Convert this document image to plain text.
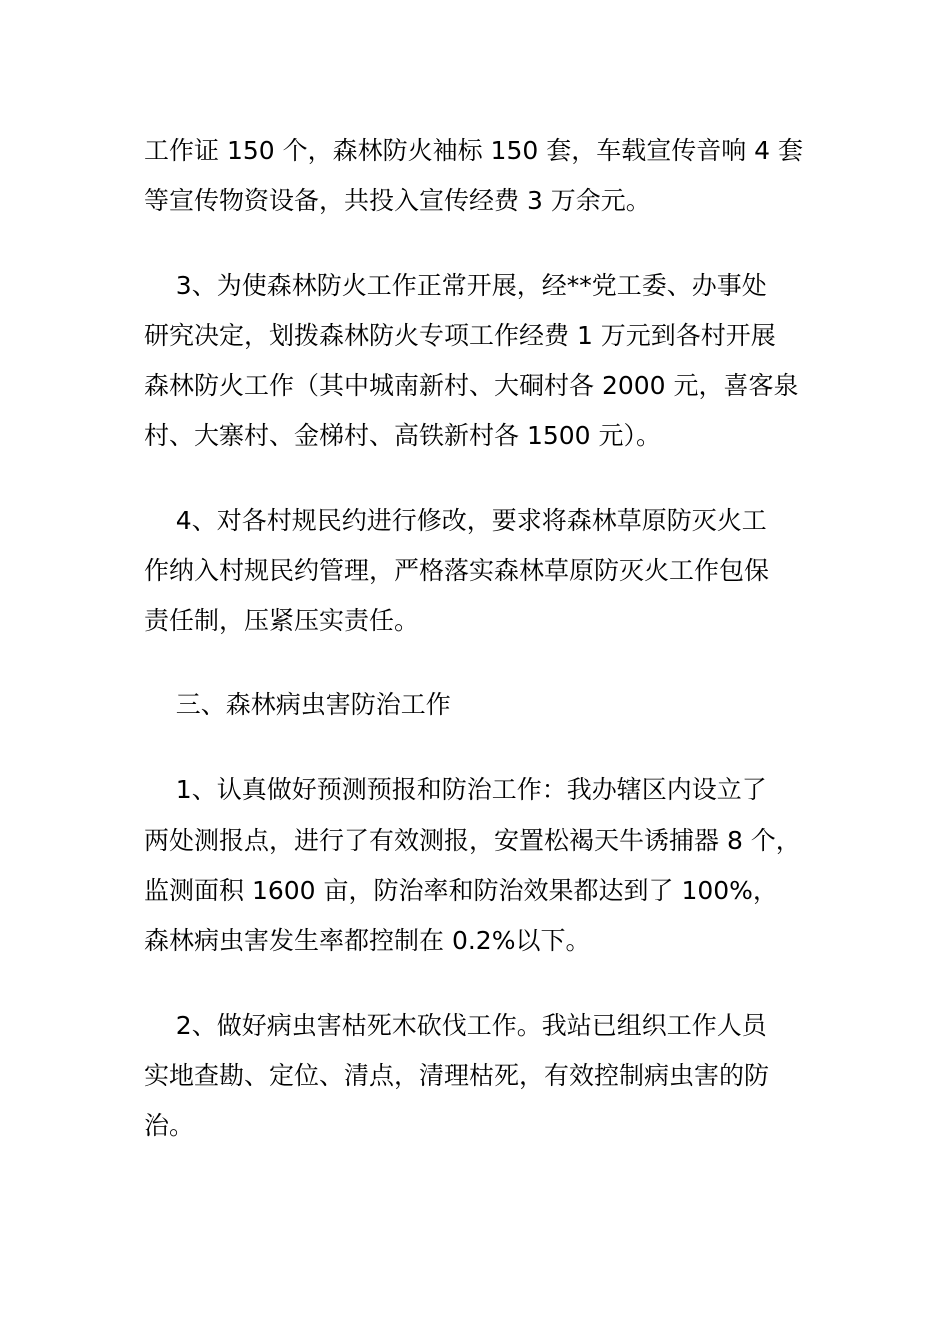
工作证 150 个，森林防火袖标 150 套，车载宣传音响 4 套
等宣传物资设备，共投入宣传经费 3 万余元。
3、为使森林防火工作正常开展，经**党工委、办事处
研究决定，划拨森林防火专项工作经费 1 万元到各村开展
森林防火工作（其中城南新村、大硐村各 2000 元，喜客泉
村、大寨村、金梯村、高铁新村各 1500 元）。
4、对各村规民约进行修改，要求将森林草原防灭火工
作纳入村规民约管理，严格落实森林草原防灭火工作包保
责任制，压紧压实责任。
三、森林病虫害防治工作
1、认真做好预测预报和防治工作：我办辖区内设立了
两处测报点，进行了有效测报，安置松褐天牛诱捕器 8 个，
监测面积 1600 亩，防治率和防治效果都达到了 100%，
森林病虫害发生率都控制在 0.2%以下。
2、做好病虫害枯死木砍伐工作。我站已组织工作人员
实地查勘、定位、清点，清理枯死，有效控制病虫害的防
治。
